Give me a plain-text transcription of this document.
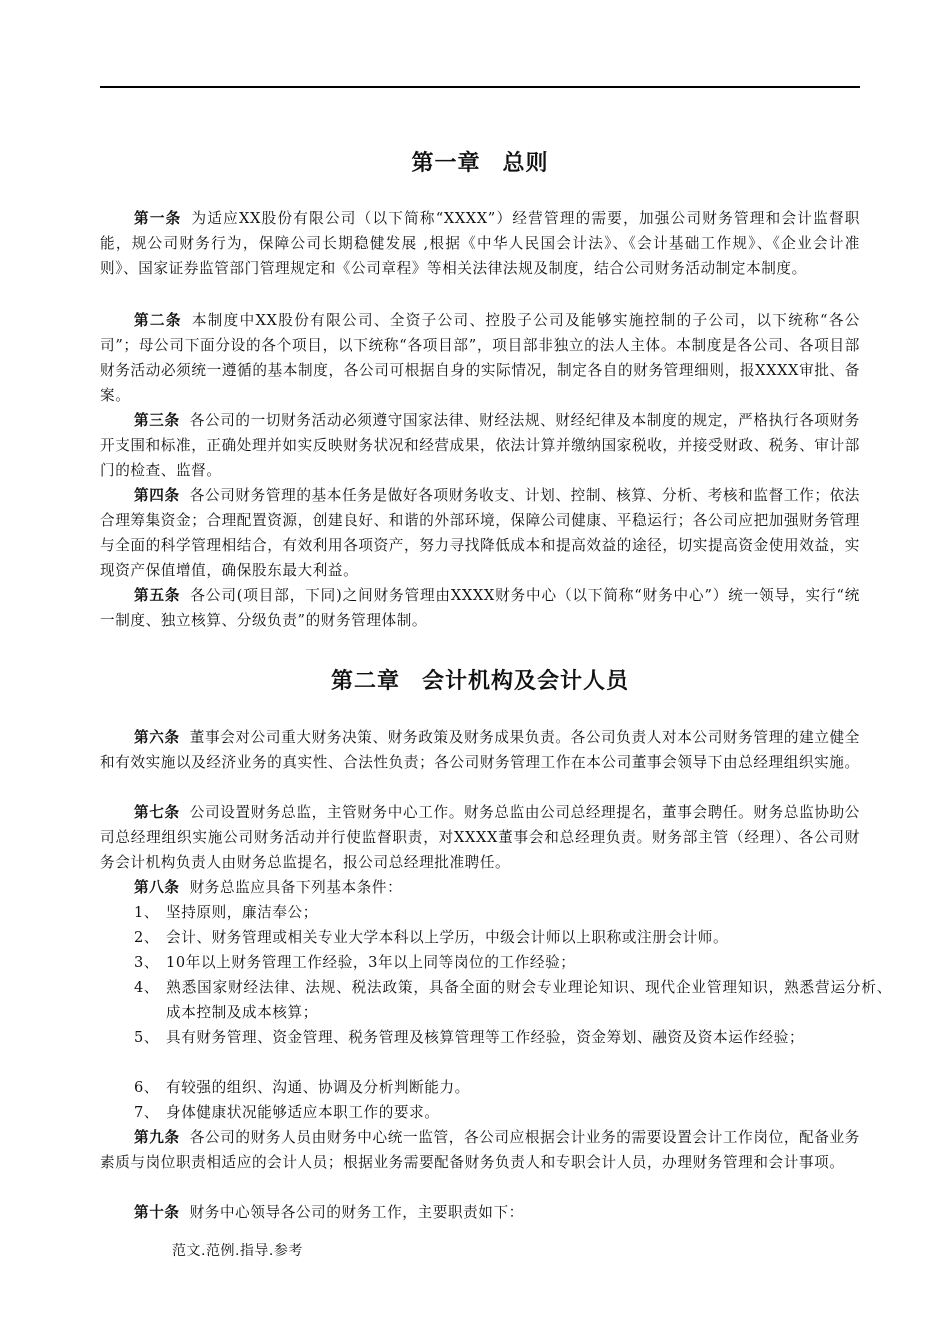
第一章 总则

第一条 为适应XX股份有限公司（以下简称“XXXX”）经营管理的需要，加强公司财务管理和会计监督职能，规公司财务行为，保障公司长期稳健发展 ,根据《中华人民国会计法》、《会计基础工作规》、《企业会计准则》、国家证券监管部门管理规定和《公司章程》等相关法律法规及制度，结合公司财务活动制定本制度。

第二条 本制度中XX股份有限公司、全资子公司、控股子公司及能够实施控制的子公司，以下统称“各公司”；母公司下面分设的各个项目，以下统称“各项目部”，项目部非独立的法人主体。本制度是各公司、各项目部财务活动必须统一遵循的基本制度，各公司可根据自身的实际情况，制定各自的财务管理细则，报XXXX审批、备案。

第三条 各公司的一切财务活动必须遵守国家法律、财经法规、财经纪律及本制度的规定，严格执行各项财务开支围和标准，正确处理并如实反映财务状况和经营成果，依法计算并缴纳国家税收，并接受财政、税务、审计部门的检查、监督。

第四条 各公司财务管理的基本任务是做好各项财务收支、计划、控制、核算、分析、考核和监督工作；依法合理筹集资金；合理配置资源，创建良好、和谐的外部环境，保障公司健康、平稳运行；各公司应把加强财务管理与全面的科学管理相结合，有效利用各项资产，努力寻找降低成本和提高效益的途径，切实提高资金使用效益，实现资产保值增值，确保股东最大利益。

第五条 各公司(项目部，下同)之间财务管理由XXXX财务中心（以下简称“财务中心”）统一领导，实行“统一制度、独立核算、分级负责”的财务管理体制。

第二章 会计机构及会计人员

第六条 董事会对公司重大财务决策、财务政策及财务成果负责。各公司负责人对本公司财务管理的建立健全和有效实施以及经济业务的真实性、合法性负责；各公司财务管理工作在本公司董事会领导下由总经理组织实施。

第七条 公司设置财务总监，主管财务中心工作。财务总监由公司总经理提名，董事会聘任。财务总监协助公司总经理组织实施公司财务活动并行使监督职责，对XXXX董事会和总经理负责。财务部主管（经理）、各公司财务会计机构负责人由财务总监提名，报公司总经理批准聘任。

第八条 财务总监应具备下列基本条件：

1、 坚持原则，廉洁奉公；

2、 会计、财务管理或相关专业大学本科以上学历，中级会计师以上职称或注册会计师。

3、 10年以上财务管理工作经验，3年以上同等岗位的工作经验；

4、 熟悉国家财经法律、法规、税法政策，具备全面的财会专业理论知识、现代企业管理知识，熟悉营运分析、成本控制及成本核算；

5、 具有财务管理、资金管理、税务管理及核算管理等工作经验，资金筹划、融资及资本运作经验；

6、 有较强的组织、沟通、协调及分析判断能力。

7、 身体健康状况能够适应本职工作的要求。

第九条 各公司的财务人员由财务中心统一监管，各公司应根据会计业务的需要设置会计工作岗位，配备业务素质与岗位职责相适应的会计人员；根据业务需要配备财务负责人和专职会计人员，办理财务管理和会计事项。

第十条 财务中心领导各公司的财务工作，主要职责如下：

范文.范例.指导.参考
